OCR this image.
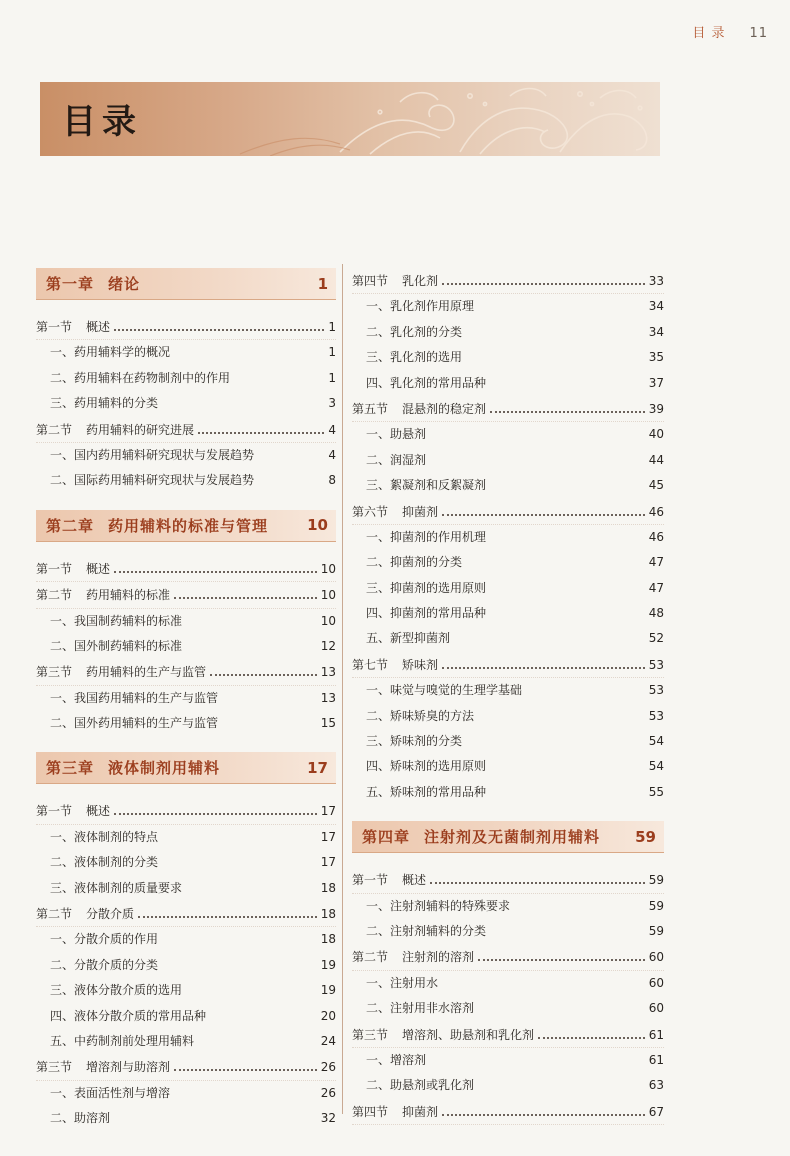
目 录 11
目录
第一章 绪论	1
第一节 概述	1
一、药用辅料学的概况	1
二、药用辅料在药物制剂中的作用	1
三、药用辅料的分类	3
第二节 药用辅料的研究进展	4
一、国内药用辅料研究现状与发展趋势	4
二、国际药用辅料研究现状与发展趋势	8
第二章 药用辅料的标准与管理	10
第一节 概述	10
第二节 药用辅料的标准	10
一、我国制药辅料的标准	10
二、国外制药辅料的标准	12
第三节 药用辅料的生产与监管	13
一、我国药用辅料的生产与监管	13
二、国外药用辅料的生产与监管	15
第三章 液体制剂用辅料	17
第一节 概述	17
一、液体制剂的特点	17
二、液体制剂的分类	17
三、液体制剂的质量要求	18
第二节 分散介质	18
一、分散介质的作用	18
二、分散介质的分类	19
三、液体分散介质的选用	19
四、液体分散介质的常用品种	20
五、中药制剂前处理用辅料	24
第三节 增溶剂与助溶剂	26
一、表面活性剂与增溶	26
二、助溶剂	32
第四节 乳化剂	33
一、乳化剂作用原理	34
二、乳化剂的分类	34
三、乳化剂的选用	35
四、乳化剂的常用品种	37
第五节 混悬剂的稳定剂	39
一、助悬剂	40
二、润湿剂	44
三、絮凝剂和反絮凝剂	45
第六节 抑菌剂	46
一、抑菌剂的作用机理	46
二、抑菌剂的分类	47
三、抑菌剂的选用原则	47
四、抑菌剂的常用品种	48
五、新型抑菌剂	52
第七节 矫味剂	53
一、味觉与嗅觉的生理学基础	53
二、矫味矫臭的方法	53
三、矫味剂的分类	54
四、矫味剂的选用原则	54
五、矫味剂的常用品种	55
第四章 注射剂及无菌制剂用辅料 59
第一节 概述	59
一、注射剂辅料的特殊要求	59
二、注射剂辅料的分类	59
第二节 注射剂的溶剂	60
一、注射用水	60
二、注射用非水溶剂	60
第三节 增溶剂、助悬剂和乳化剂	61
一、增溶剂	61
二、助悬剂或乳化剂	63
第四节 抑菌剂	67
